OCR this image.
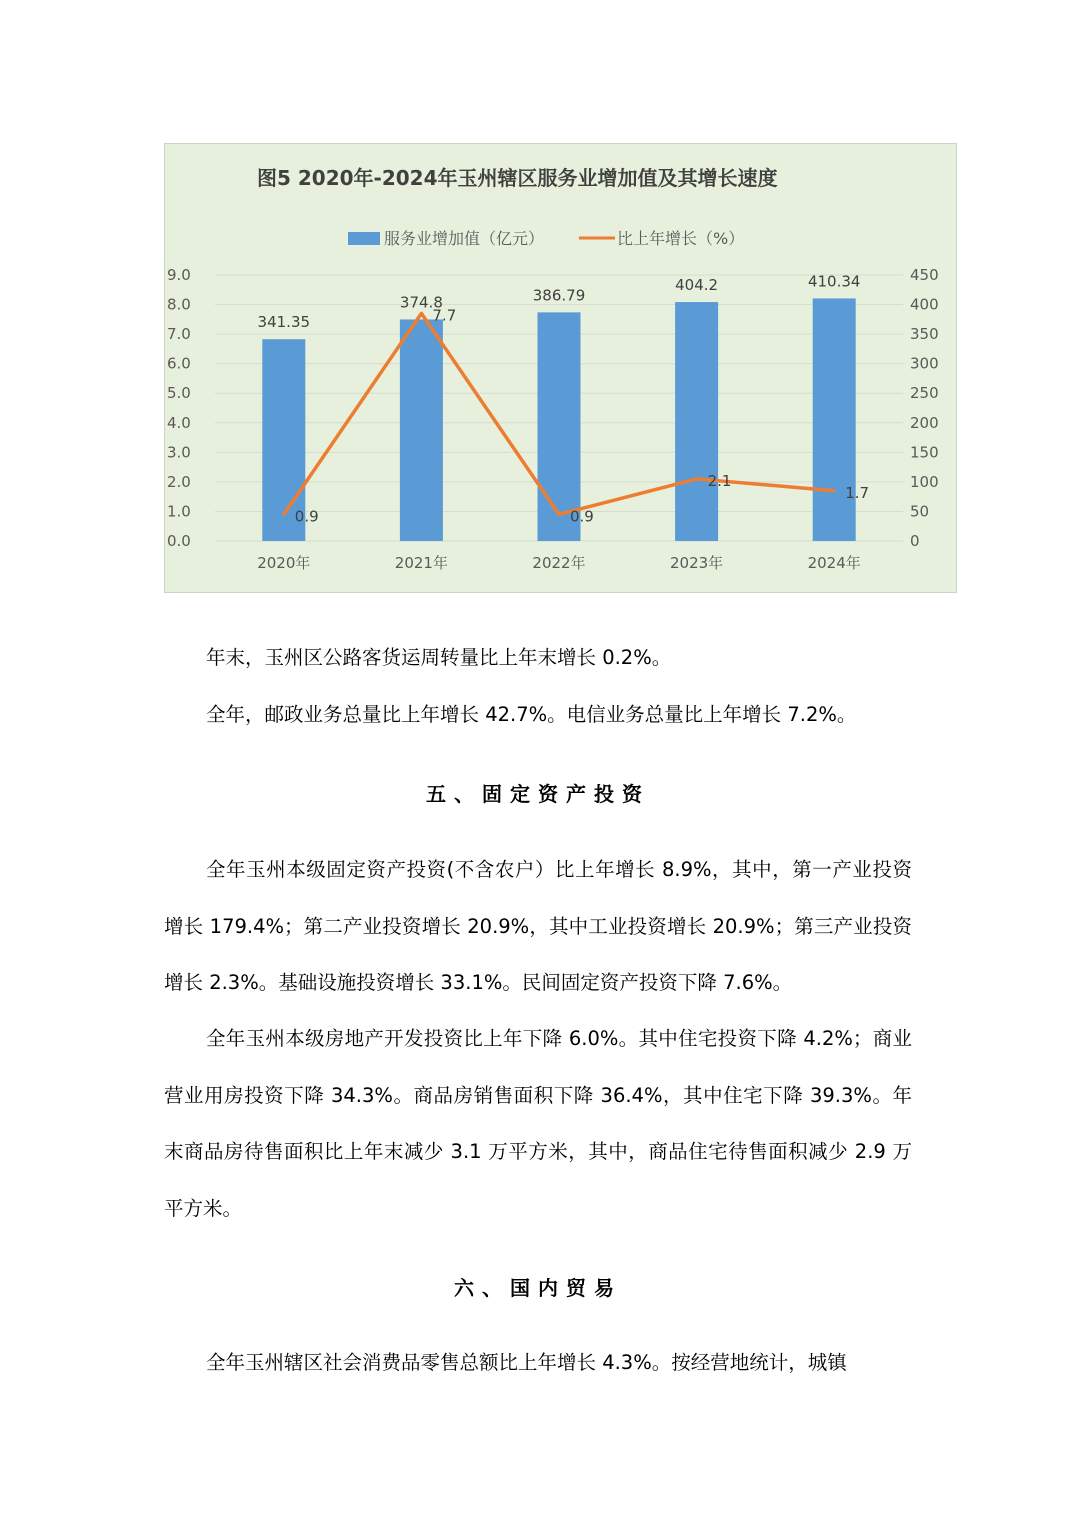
图5 2020年-2024年玉州辖区服务业增加值及其增长速度
服务业增加值（亿元）	比上年增长（%）
0.0
1.0
2.0
3.0
4.0
5.0
6.0
7.0
8.0
9.0
0
50
100
150
200
250
300
350
400
450
2020年	2021年	2022年	2023年	2024年
341.35
374.8	386.79
404.2	410.34
0.9
7.7
0.9
2.1
1.7

年末，玉州区公路客货运周转量比上年末增长 0.2%。

全年，邮政业务总量比上年增长 42.7%。电信业务总量比上年增长 7.2%。

五、固定资产投资

全年玉州本级固定资产投资(不含农户）比上年增长 8.9%，其中，第一产业投资增长 179.4%；第二产业投资增长 20.9%，其中工业投资增长 20.9%；第三产业投资增长 2.3%。基础设施投资增长 33.1%。民间固定资产投资下降 7.6%。

全年玉州本级房地产开发投资比上年下降 6.0%。其中住宅投资下降 4.2%；商业营业用房投资下降 34.3%。商品房销售面积下降 36.4%，其中住宅下降 39.3%。年末商品房待售面积比上年末减少 3.1 万平方米，其中，商品住宅待售面积减少 2.9 万平方米。

六、国内贸易

全年玉州辖区社会消费品零售总额比上年增长 4.3%。按经营地统计，城镇
